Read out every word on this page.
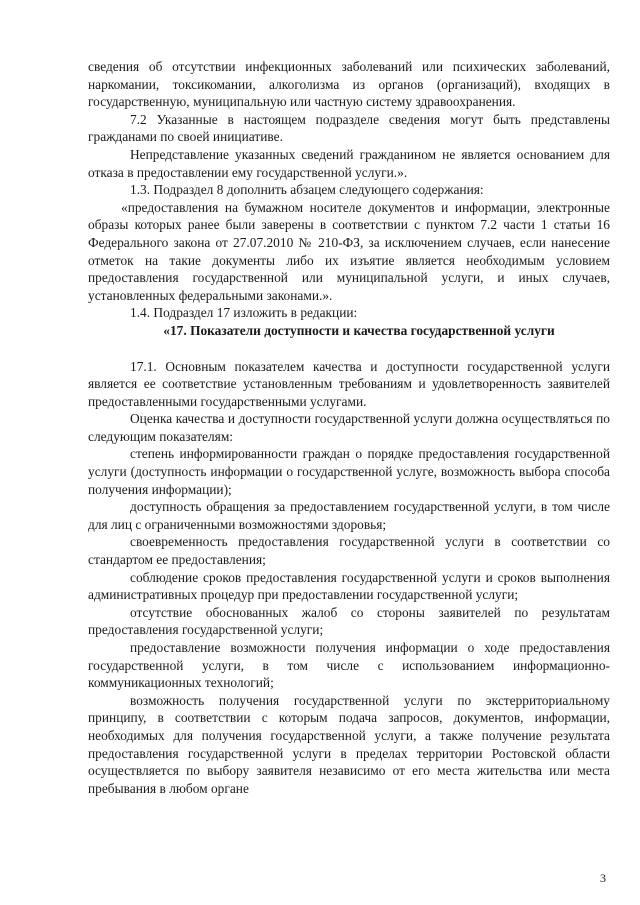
сведения об отсутствии инфекционных заболеваний или психических заболеваний, наркомании, токсикомании, алкоголизма из органов (организаций), входящих в государственную, муниципальную или частную систему здравоохранения.

7.2 Указанные в настоящем подразделе сведения могут быть представлены гражданами по своей инициативе.

Непредставление указанных сведений гражданином не является основанием для отказа в предоставлении ему государственной услуги.».

1.3. Подраздел 8 дополнить абзацем следующего содержания:

«предоставления на бумажном носителе документов и информации, электронные образы которых ранее были заверены в соответствии с пунктом 7.2 части 1 статьи 16 Федерального закона от 27.07.2010 № 210-ФЗ, за исключением случаев, если нанесение отметок на такие документы либо их изъятие является необходимым условием предоставления государственной или муниципальной услуги, и иных случаев, установленных федеральными законами.».

1.4. Подраздел 17 изложить в редакции:

«17. Показатели доступности и качества государственной услуги

17.1. Основным показателем качества и доступности государственной услуги является ее соответствие установленным требованиям и удовлетворенность заявителей предоставленными государственными услугами.

Оценка качества и доступности государственной услуги должна осуществляться по следующим показателям:

степень информированности граждан о порядке предоставления государственной услуги (доступность информации о государственной услуге, возможность выбора способа получения информации);

доступность обращения за предоставлением государственной услуги, в том числе для лиц с ограниченными возможностями здоровья;

своевременность предоставления государственной услуги в соответствии со стандартом ее предоставления;

соблюдение сроков предоставления государственной услуги и сроков выполнения административных процедур при предоставлении государственной услуги;

отсутствие обоснованных жалоб со стороны заявителей по результатам предоставления государственной услуги;

предоставление возможности получения информации о ходе предоставления государственной услуги, в том числе с использованием информационно-коммуникационных технологий;

возможность получения государственной услуги по экстерриториальному принципу, в соответствии с которым подача запросов, документов, информации, необходимых для получения государственной услуги, а также получение результата предоставления государственной услуги в пределах территории Ростовской области осуществляется по выбору заявителя независимо от его места жительства или места пребывания в любом органе

3
